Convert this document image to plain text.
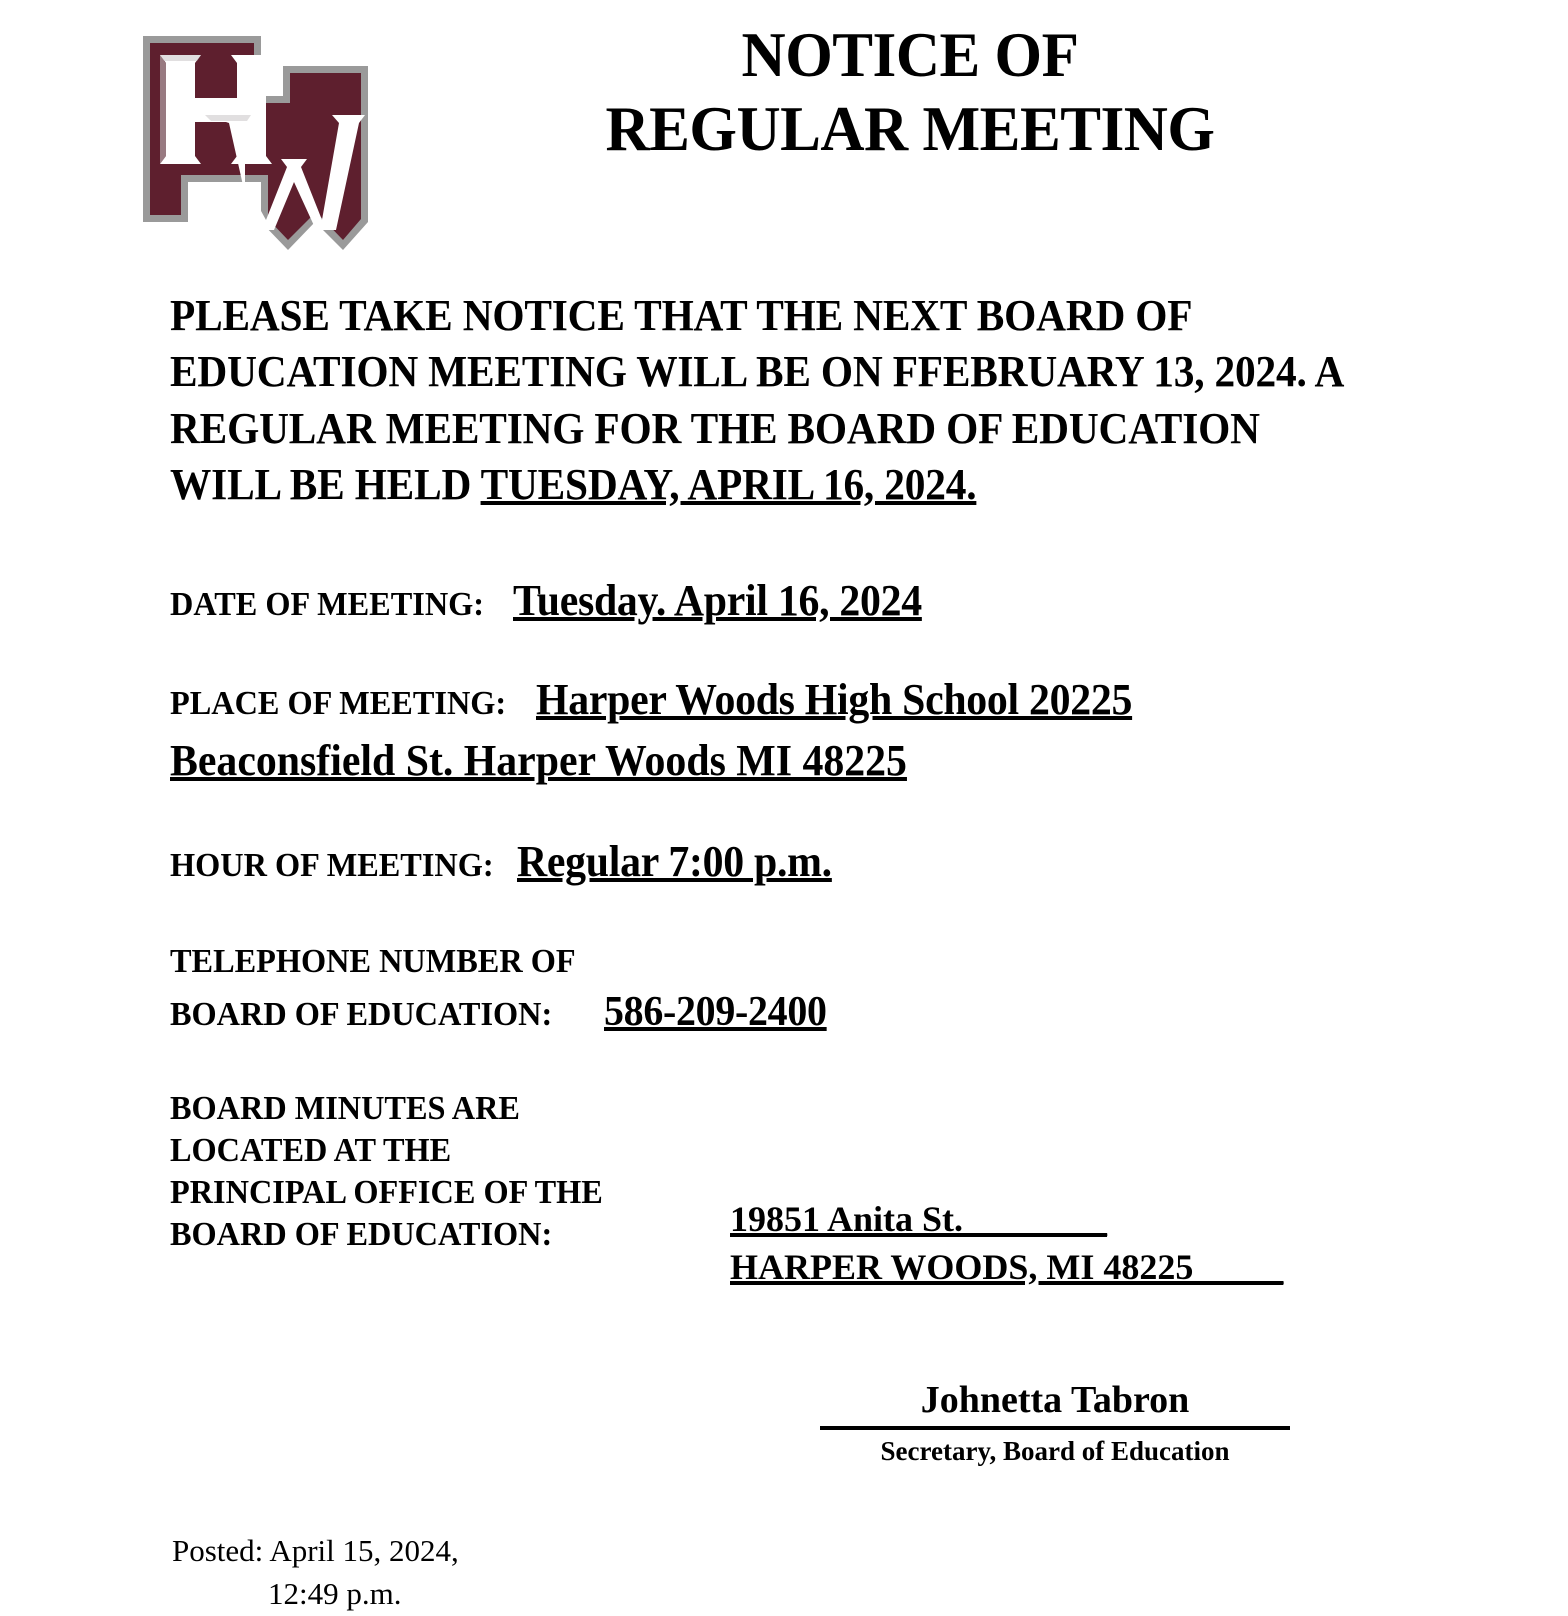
NOTICE OF
REGULAR MEETING
PLEASE TAKE NOTICE THAT THE NEXT BOARD OF EDUCATION MEETING WILL BE ON FFEBRUARY 13, 2024. A REGULAR MEETING FOR THE BOARD OF EDUCATION WILL BE HELD TUESDAY, APRIL 16, 2024.
DATE OF MEETING: Tuesday. April 16, 2024
PLACE OF MEETING: Harper Woods High School 20225
Beaconsfield St. Harper Woods MI 48225
HOUR OF MEETING:Regular 7:00 p.m.
TELEPHONE NUMBER OF
BOARD OF EDUCATION: 586-209-2400
BOARD MINUTES ARE
LOCATED AT THE
PRINCIPAL OFFICE OF THE
BOARD OF EDUCATION:	19851 Anita St.________
HARPER WOODS, MI 48225_____
Johnetta Tabron
Secretary, Board of Education
Posted: April 15, 2024,
12:49 p.m.
